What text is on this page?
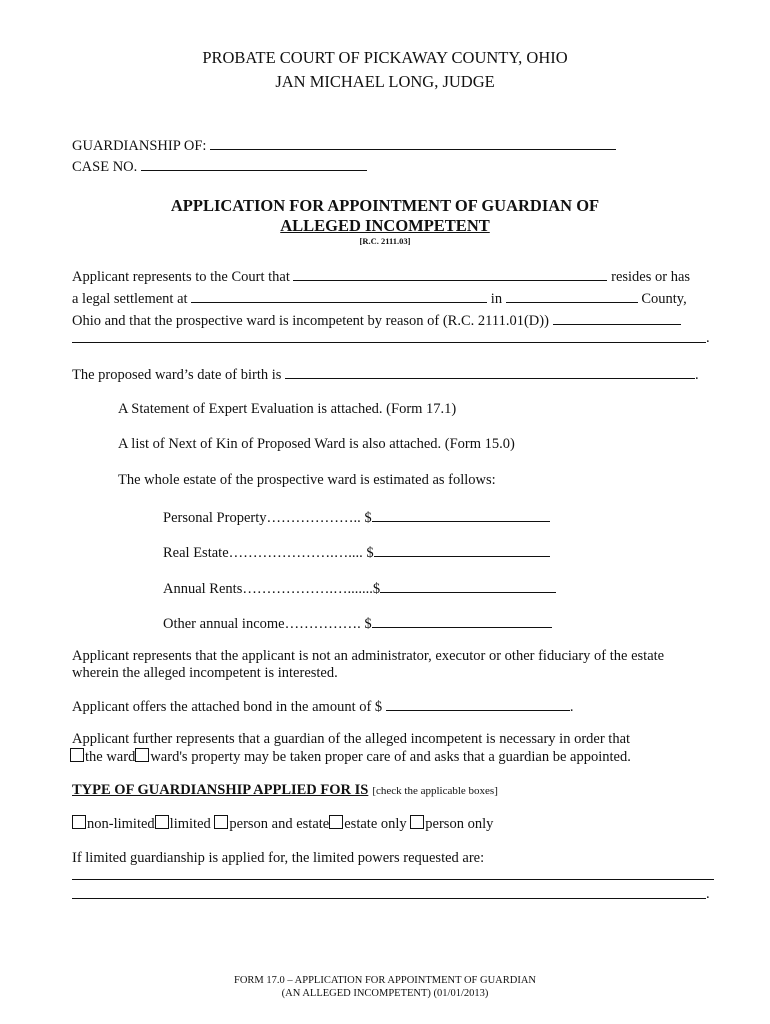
PROBATE COURT OF PICKAWAY COUNTY, OHIO
JAN MICHAEL LONG, JUDGE
GUARDIANSHIP OF:
CASE NO.
APPLICATION FOR APPOINTMENT OF GUARDIAN OF
ALLEGED INCOMPETENT
[R.C. 2111.03]
Applicant represents to the Court that	resides or has
a legal settlement at	in	County,
Ohio and that the prospective ward is incompetent by reason of (R.C. 2111.01(D))
.
The proposed ward’s date of birth is	.
A Statement of Expert Evaluation is attached. (Form 17.1)
A list of Next of Kin of Proposed Ward is also attached. (Form 15.0)
The whole estate of the prospective ward is estimated as follows:
Personal Property……………….. $
Real Estate………………….….... $
Annual Rents……………….….......$
Other annual income……………. $
Applicant represents that the applicant is not an administrator, executor or other fiduciary of the estate
wherein the alleged incompetent is interested.
Applicant offers the attached bond in the amount of $	.
Applicant further represents that a guardian of the alleged incompetent is necessary in order that
the ward ward's property may be taken proper care of and asks that a guardian be appointed.
TYPE OF GUARDIANSHIP APPLIED FOR IS [check the applicable boxes]
non-limited limited person and estate estate only person only
If limited guardianship is applied for, the limited powers requested are:
.
FORM 17.0 – APPLICATION FOR APPOINTMENT OF GUARDIAN
(AN ALLEGED INCOMPETENT) (01/01/2013)
